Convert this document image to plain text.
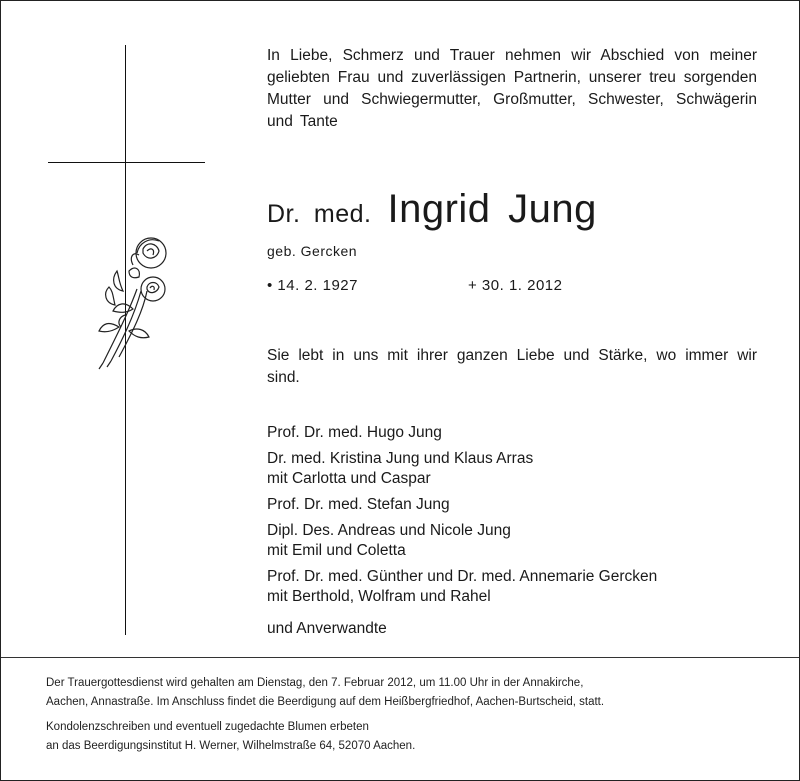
In Liebe, Schmerz und Trauer nehmen wir Abschied von meiner geliebten Frau und zuverlässigen Partnerin, unserer treu sorgenden Mutter und Schwiegermutter, Großmutter, Schwester, Schwägerin und Tante
Dr. med. Ingrid Jung
geb. Gercken
• 14. 2. 1927	+ 30. 1. 2012
Sie lebt in uns mit ihrer ganzen Liebe und Stärke, wo immer wir sind.
Prof. Dr. med. Hugo Jung
Dr. med. Kristina Jung und Klaus Arras
mit Carlotta und Caspar
Prof. Dr. med. Stefan Jung
Dipl. Des. Andreas und Nicole Jung
mit Emil und Coletta
Prof. Dr. med. Günther und Dr. med. Annemarie Gercken
mit Berthold, Wolfram und Rahel
und Anverwandte
Der Trauergottesdienst wird gehalten am Dienstag, den 7. Februar 2012, um 11.00 Uhr in der Annakirche,
Aachen, Annastraße. Im Anschluss findet die Beerdigung auf dem Heißbergfriedhof, Aachen-Burtscheid, statt.
Kondolenzschreiben und eventuell zugedachte Blumen erbeten
an das Beerdigungsinstitut H. Werner, Wilhelmstraße 64, 52070 Aachen.
